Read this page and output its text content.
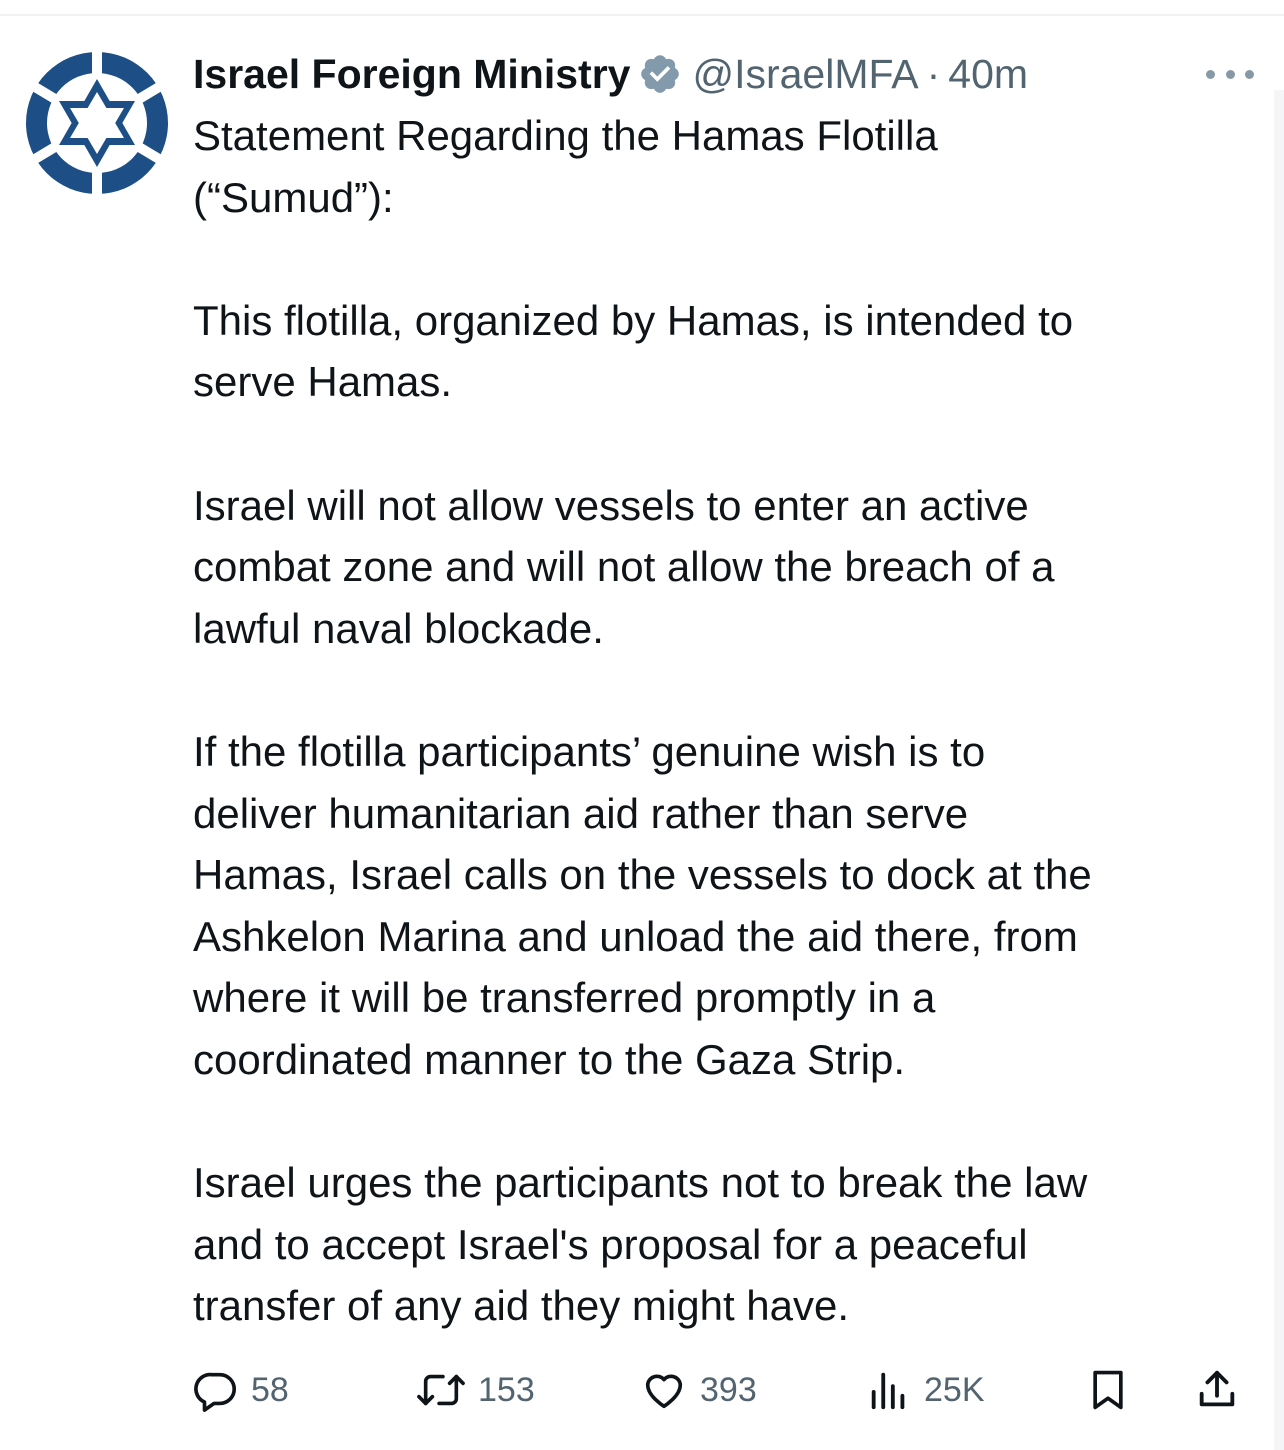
Israel Foreign Ministry @IsraelMFA · 40m
Statement Regarding the Hamas Flotilla
(“Sumud”):
This flotilla, organized by Hamas, is intended to
serve Hamas.
Israel will not allow vessels to enter an active
combat zone and will not allow the breach of a
lawful naval blockade.
If the flotilla participants’ genuine wish is to
deliver humanitarian aid rather than serve
Hamas, Israel calls on the vessels to dock at the
Ashkelon Marina and unload the aid there, from
where it will be transferred promptly in a
coordinated manner to the Gaza Strip.
Israel urges the participants not to break the law
and to accept Israel's proposal for a peaceful
transfer of any aid they might have.
58	153	393	25K
